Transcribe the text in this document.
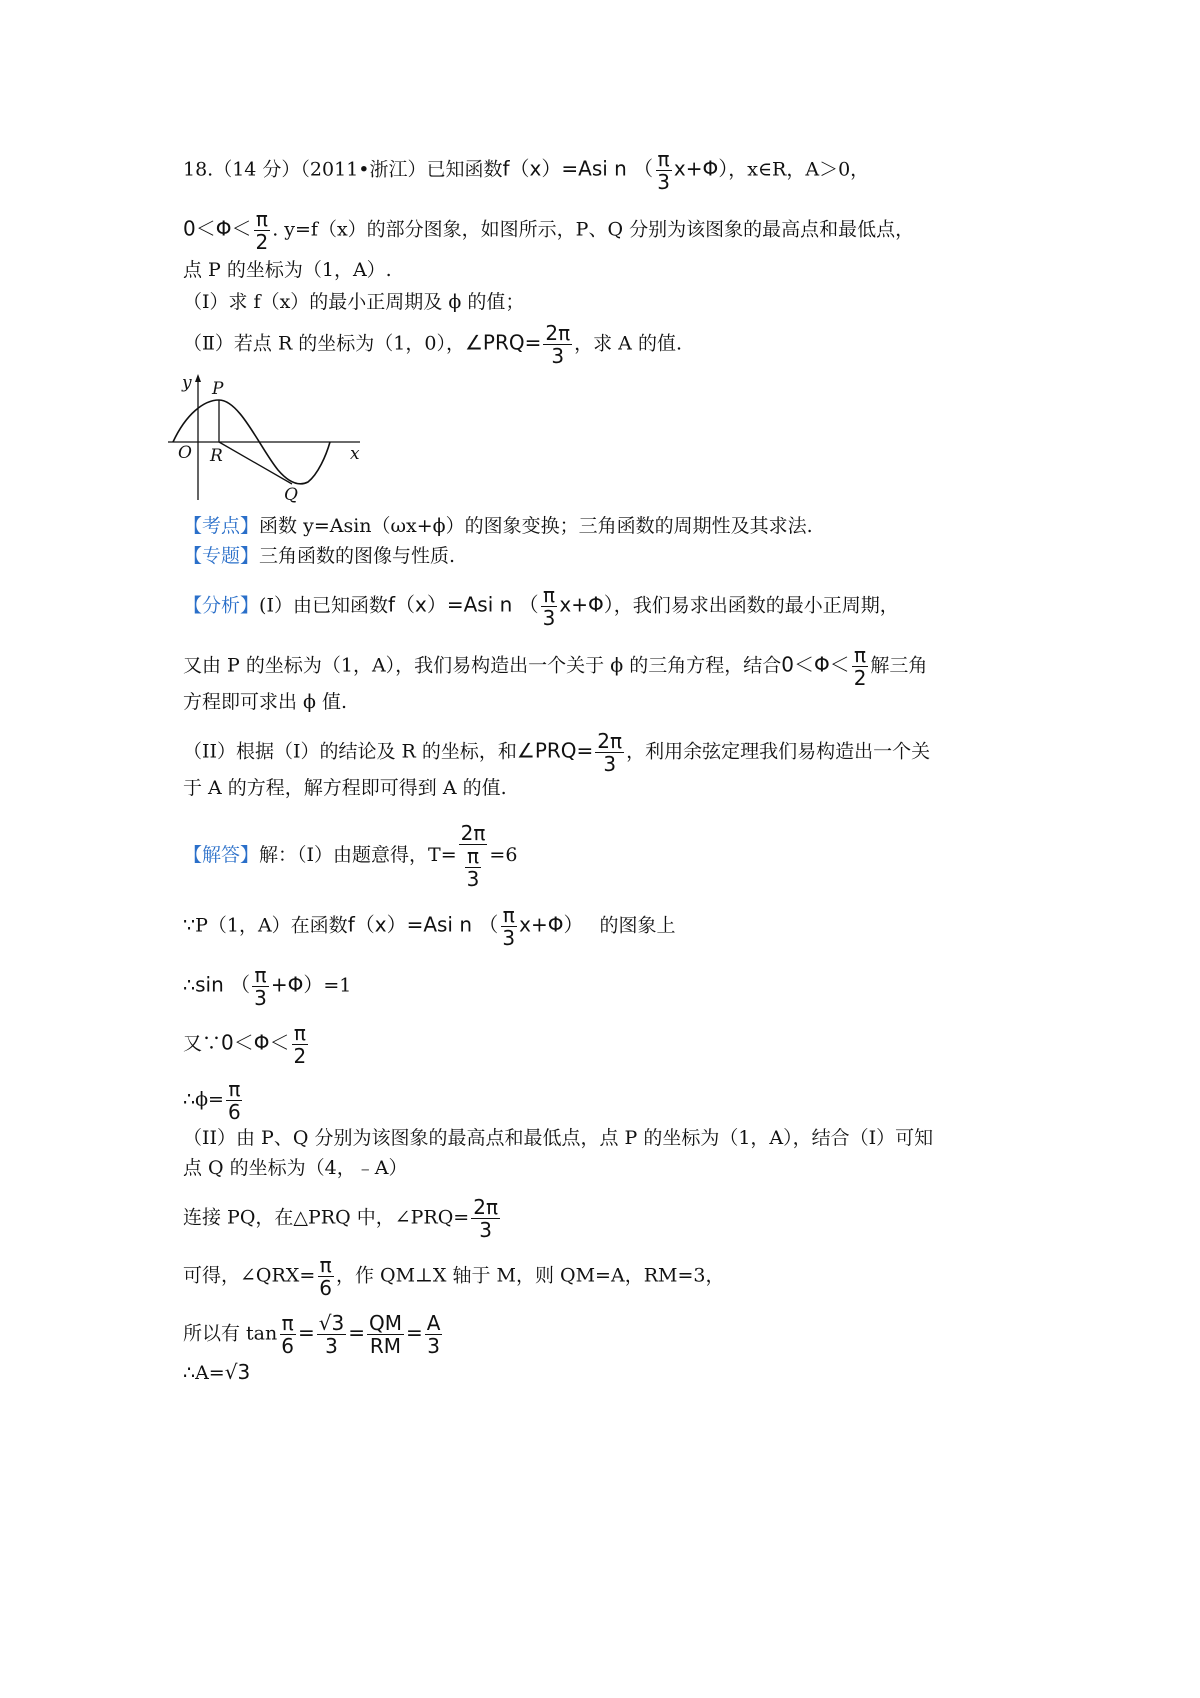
18.（14 分）（2011•浙江）已知函数f（x）=Asi n （ $\frac{\pi}{3} x+\Phi$），x∈R，A＞0，
$0<\Phi< \frac{\pi}{2}$ . y=f（x）的部分图象，如图所示，P、Q 分别为该图象的最高点和最低点，
点 P 的坐标为（1，A）.
（Ⅰ）求 f（x）的最小正周期及 ϕ 的值；
（Ⅱ）若点 R 的坐标为（1，0），∠PRQ= $\frac{2\pi}{3}$ ，求 A 的值.
y P
O R	x
Q
【考点】函数 y=Asin（ωx+ϕ）的图象变换；三角函数的周期性及其求法.
【专题】三角函数的图像与性质.
【分析】(I）由已知函数f（x）=Asi n （ $\frac{\pi}{3} x+\Phi$），我们易求出函数的最小正周期，
又由 P 的坐标为（1，A），我们易构造出一个关于 ϕ 的三角方程，结合$0<\Phi< \frac{\pi}{2}$ 解三角
方程即可求出 ϕ 值.
（II）根据（I）的结论及 R 的坐标，和∠PRQ= $\frac{2\pi}{3}$ ，利用余弦定理我们易构造出一个关
于 A 的方程，解方程即可得到 A 的值.
【解答】解：（I）由题意得，$T= \frac{2\pi}{\frac{\pi}{3}} =6$
∵P（1，A）在函数f（x）=Asi n （ $\frac{\pi}{3} x+\Phi$） 的图象上
∴sin （ $\frac{\pi}{3} +\Phi)=1$
又∵0＜Φ＜ $\frac{\pi}{2}$
∴ϕ= $\frac{\pi}{6}$
（II）由 P、Q 分别为该图象的最高点和最低点，点 P 的坐标为（1，A），结合（I）可知
点 Q 的坐标为（4，﹣A）
连接 PQ，在△PRQ 中，∠PRQ= $\frac{2\pi}{3}$
可得，∠QRX= $\frac{\pi}{6}$ ，作 QM⊥X 轴于 M，则 QM=A，RM=3，
所以有 $\tan \frac{\pi}{6} = \frac{√3}{3} = \frac{QM}{RM} = \frac{A}{3}$
∴A=√3
